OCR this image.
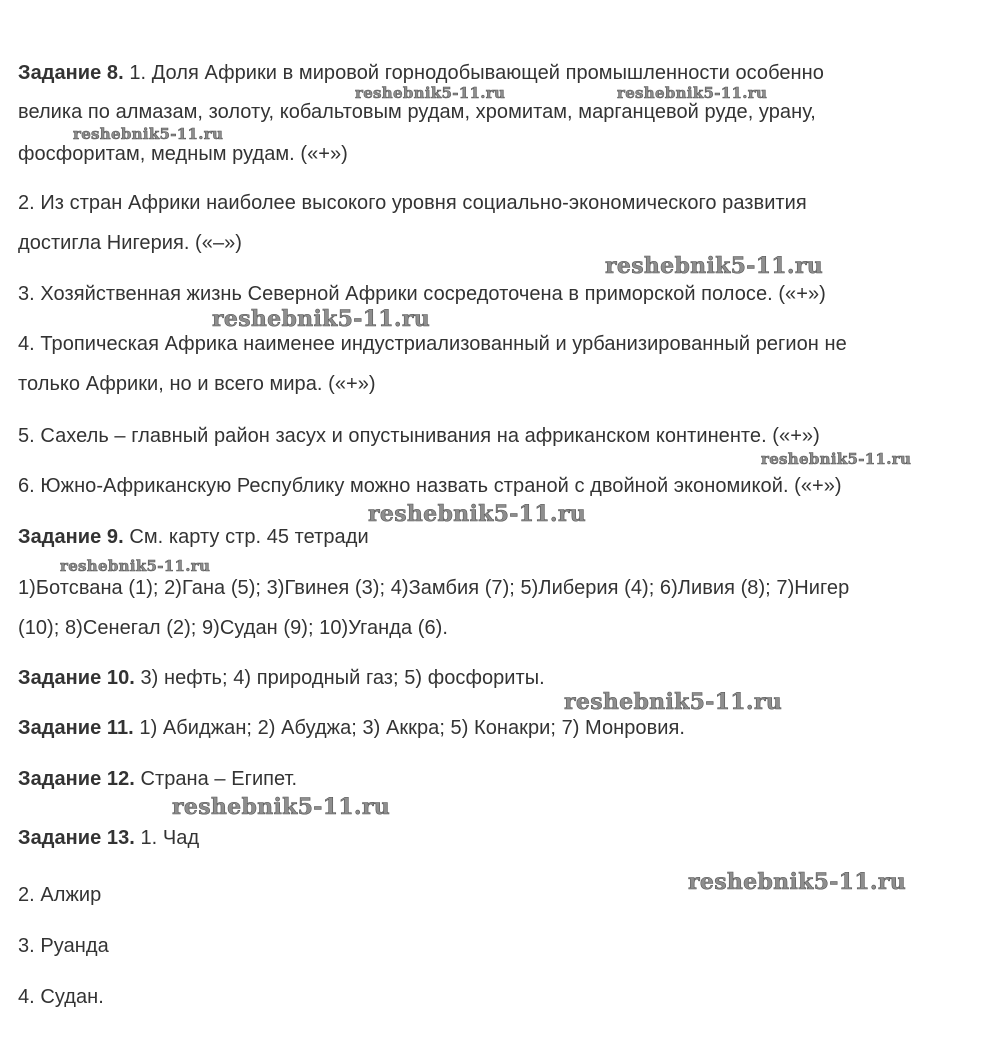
Задание 8. 1. Доля Африки в мировой горнодобывающей промышленности особенно
велика по алмазам, золоту, кобальтовым рудам, хромитам, марганцевой руде, урану,
фосфоритам, медным рудам. («+»)
2. Из стран Африки наиболее высокого уровня социально-экономического развития
достигла Нигерия. («–»)
3. Хозяйственная жизнь Северной Африки сосредоточена в приморской полосе. («+»)
4. Тропическая Африка наименее индустриализованный и урбанизированный регион не
только Африки, но и всего мира. («+»)
5. Сахель – главный район засух и опустынивания на африканском континенте. («+»)
6. Южно-Африканскую Республику можно назвать страной с двойной экономикой. («+»)
Задание 9. См. карту стр. 45 тетради
1)Ботсвана (1); 2)Гана (5); 3)Гвинея (3); 4)Замбия (7); 5)Либерия (4); 6)Ливия (8); 7)Нигер
(10); 8)Сенегал (2); 9)Судан (9); 10)Уганда (6).
Задание 10. 3) нефть; 4) природный газ; 5) фосфориты.
Задание 11. 1) Абиджан; 2) Абуджа; 3) Аккра; 5) Конакри; 7) Монровия.
Задание 12. Страна – Египет.
Задание 13. 1. Чад
2. Алжир
3. Руанда
4. Судан.
reshebnik5-11.ru	reshebnik5-11.ru
reshebnik5-11.ru
reshebnik5-11.ru
reshebnik5-11.ru
reshebnik5-11.ru
reshebnik5-11.ru
reshebnik5-11.ru
reshebnik5-11.ru
reshebnik5-11.ru
reshebnik5-11.ru
